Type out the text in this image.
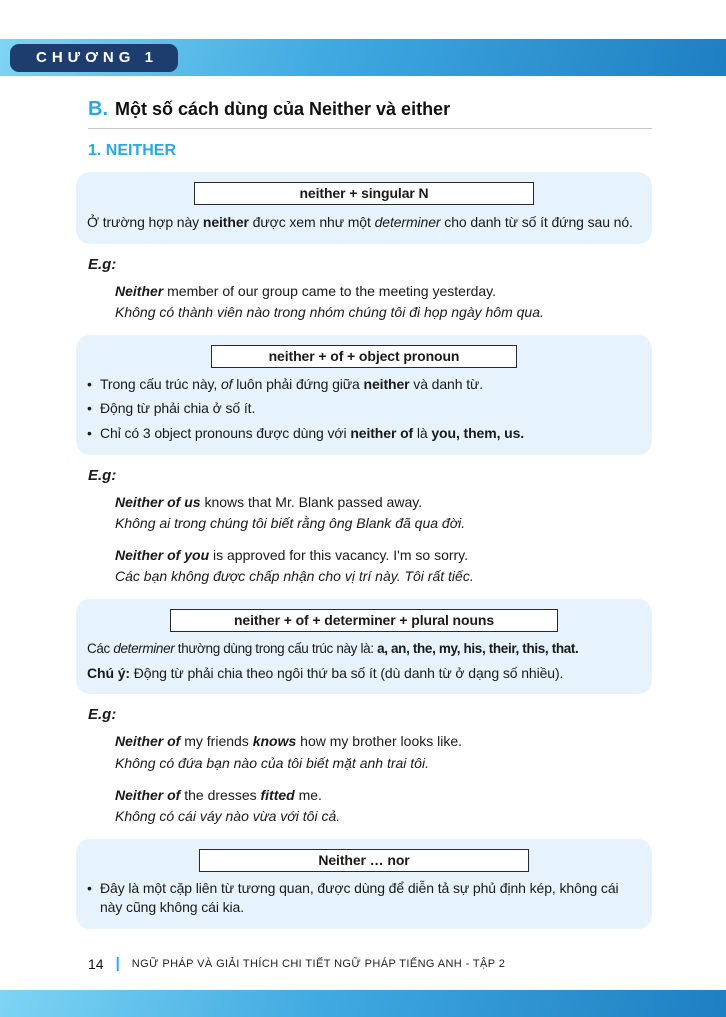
CHƯƠNG 1
B. Một số cách dùng của Neither và either
1. NEITHER
neither + singular N
Ở trường hợp này neither được xem như một determiner cho danh từ số ít đứng sau nó.
E.g:
Neither member of our group came to the meeting yesterday.
Không có thành viên nào trong nhóm chúng tôi đi họp ngày hôm qua.
neither + of + object pronoun
• Trong cấu trúc này, of luôn phải đứng giữa neither và danh từ.
• Động từ phải chia ở số ít.
• Chỉ có 3 object pronouns được dùng với neither of là you, them, us.
E.g:
Neither of us knows that Mr. Blank passed away.
Không ai trong chúng tôi biết rằng ông Blank đã qua đời.
Neither of you is approved for this vacancy. I'm so sorry.
Các bạn không được chấp nhận cho vị trí này. Tôi rất tiếc.
neither + of + determiner + plural nouns
Các determiner thường dùng trong cấu trúc này là: a, an, the, my, his, their, this, that.
Chú ý: Động từ phải chia theo ngôi thứ ba số ít (dù danh từ ở dạng số nhiều).
E.g:
Neither of my friends knows how my brother looks like.
Không có đứa bạn nào của tôi biết mặt anh trai tôi.
Neither of the dresses fitted me.
Không có cái váy nào vừa với tôi cả.
Neither … nor
• Đây là một cặp liên từ tương quan, được dùng để diễn tả sự phủ định kép, không cái này cũng không cái kia.
14 | NGỮ PHÁP VÀ GIẢI THÍCH CHI TIẾT NGỮ PHÁP TIẾNG ANH - TẬP 2
